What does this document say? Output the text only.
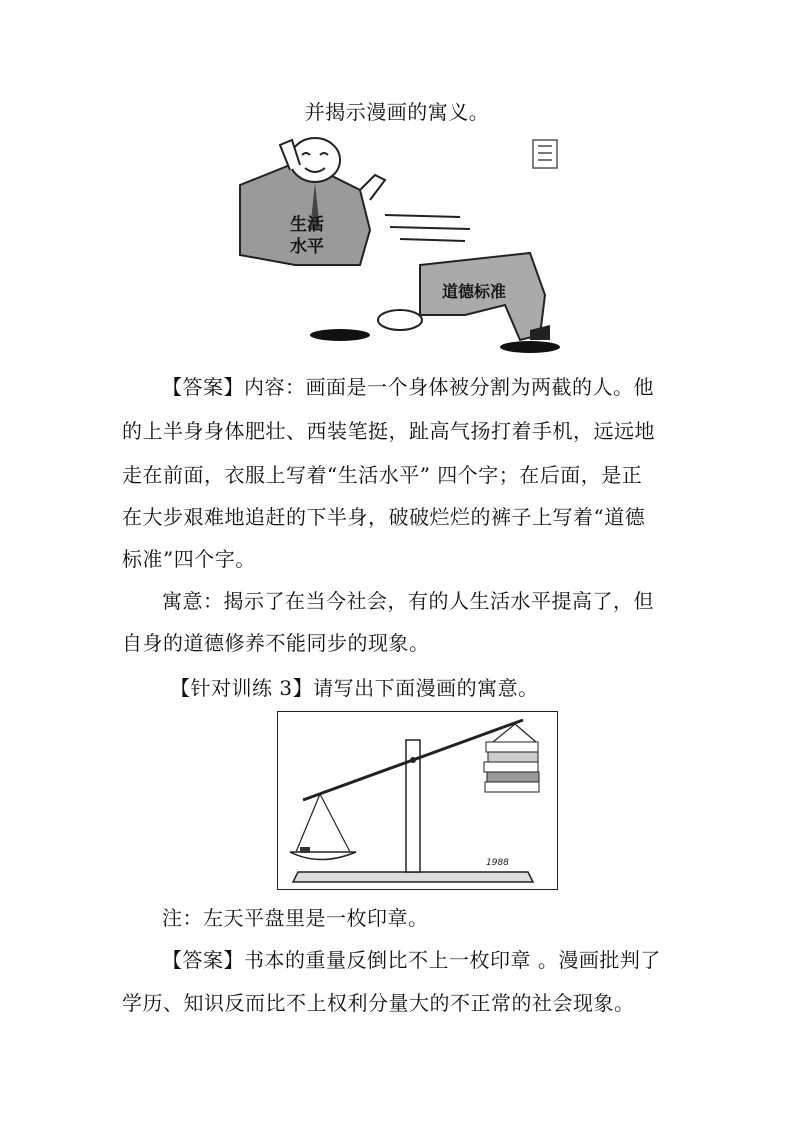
并揭示漫画的寓义。
生活
水平
道德标准
【答案】内容：画面是一个身体被分割为两截的人。他
的上半身身体肥壮、西装笔挺，趾高气扬打着手机，远远地
走在前面，衣服上写着“生活水平” 四个字；在后面，是正
在大步艰难地追赶的下半身，破破烂烂的裤子上写着“道德
标准”四个字。
寓意：揭示了在当今社会，有的人生活水平提高了，但
自身的道德修养不能同步的现象。
【针对训练 3】请写出下面漫画的寓意。
1988
注：左天平盘里是一枚印章。
【答案】书本的重量反倒比不上一枚印章 。漫画批判了
学历、知识反而比不上权利分量大的不正常的社会现象。
